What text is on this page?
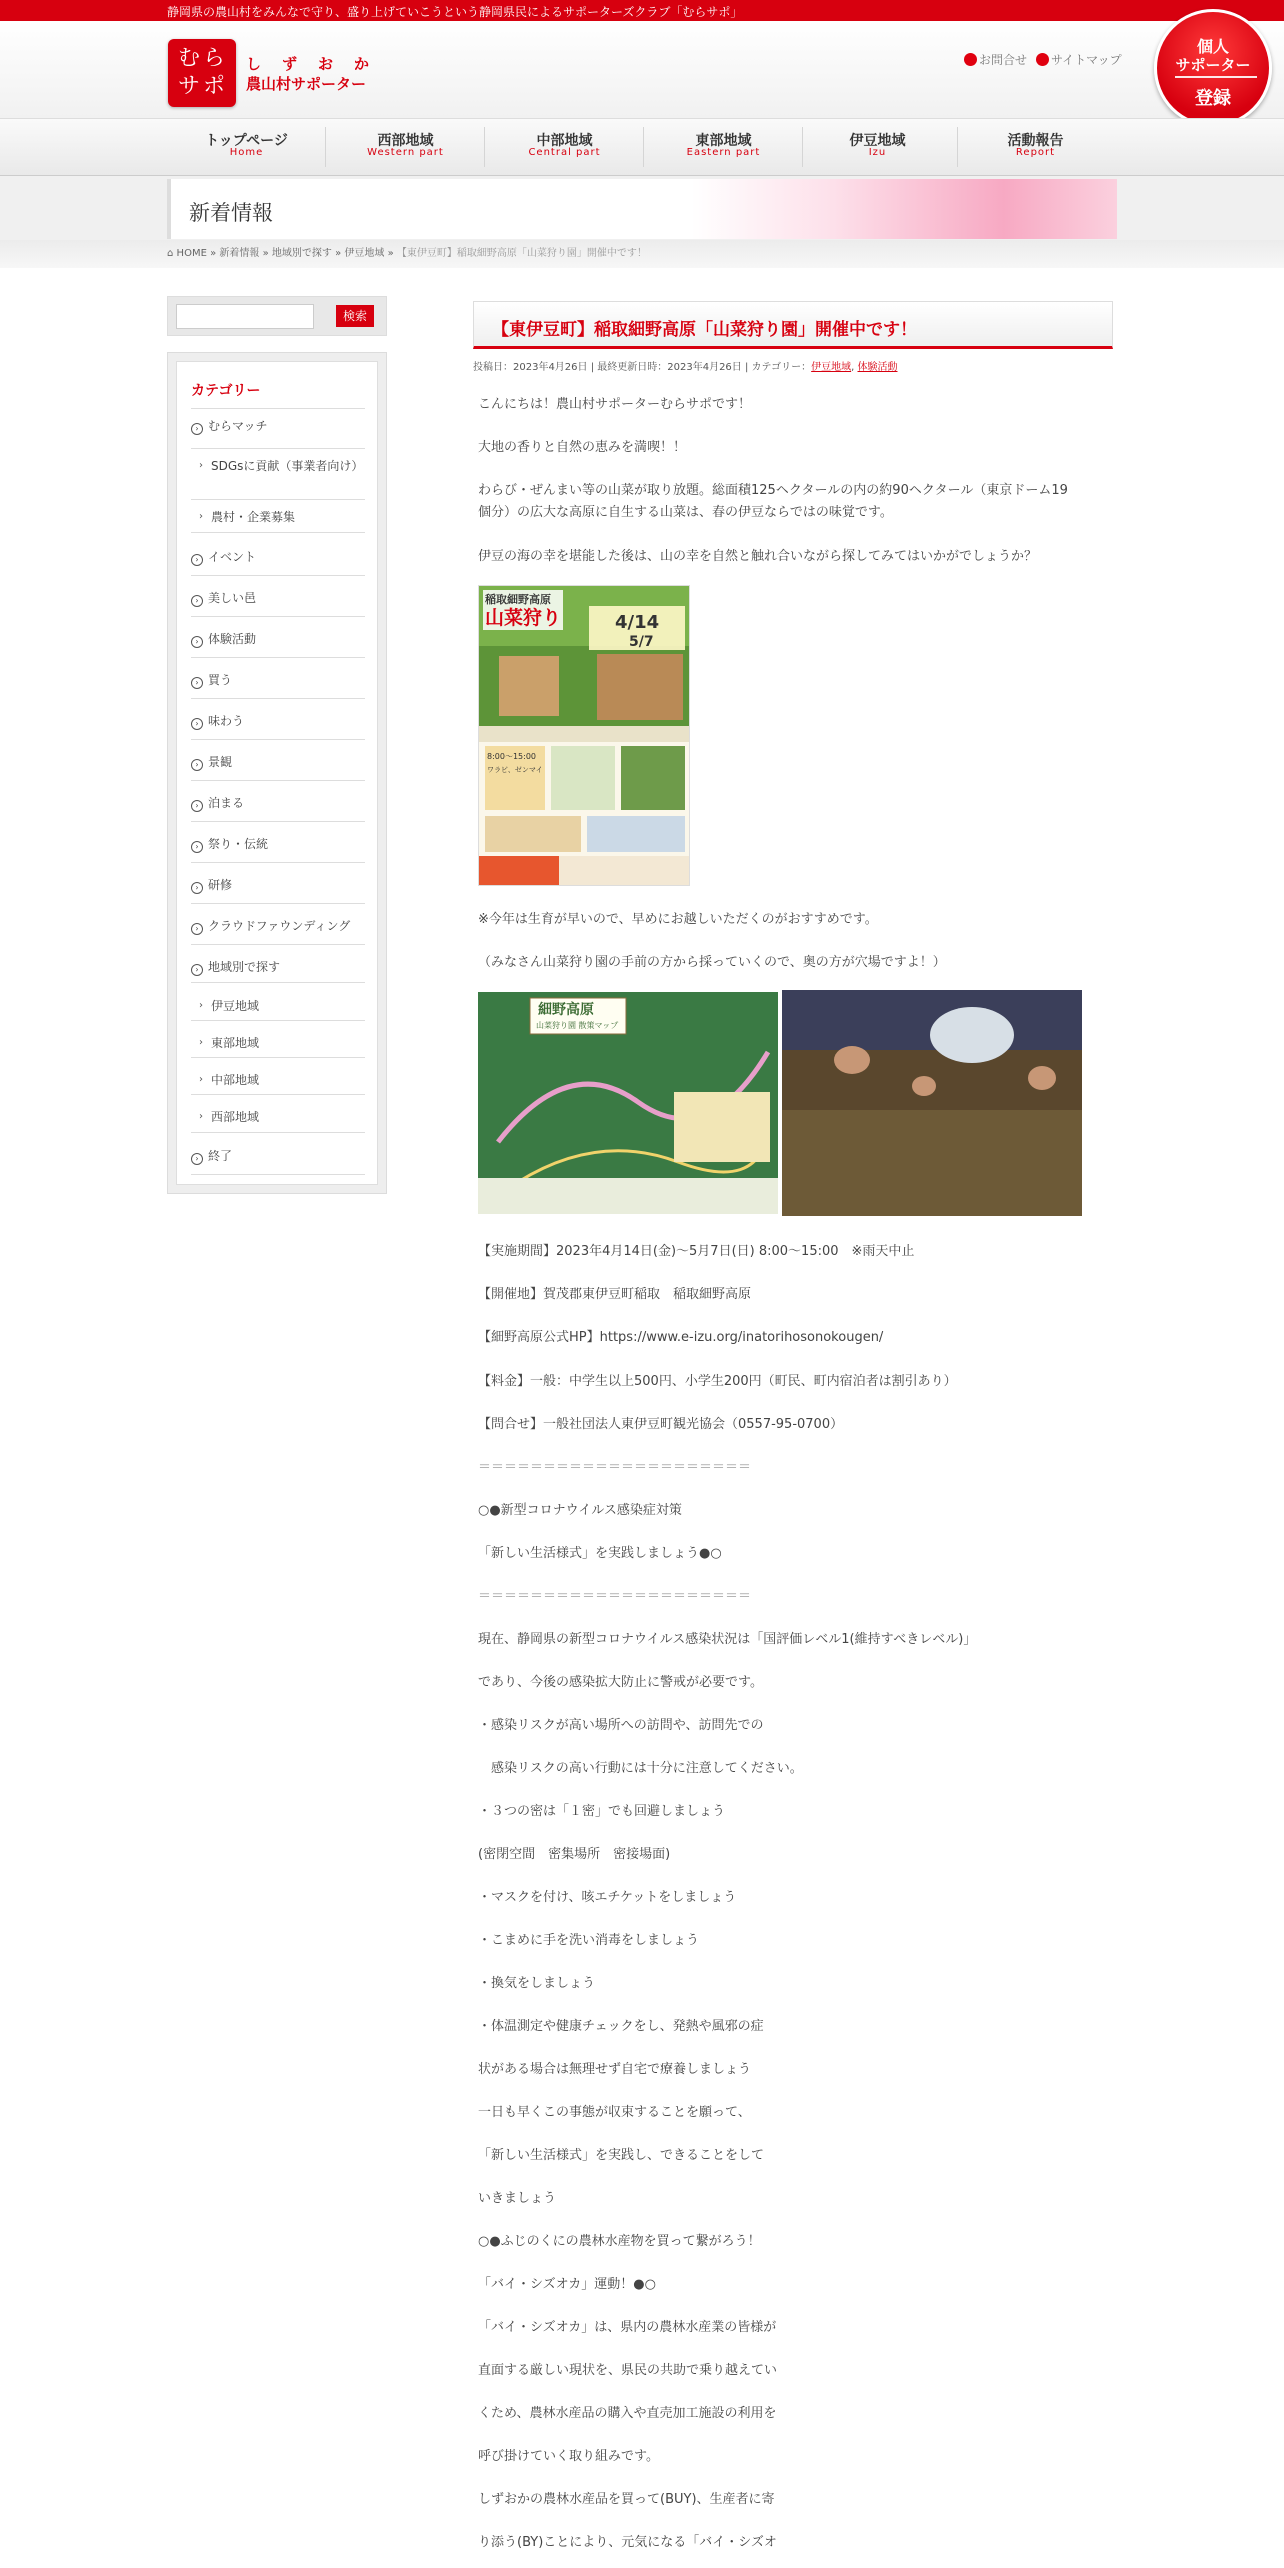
静岡県の農山村をみんなで守り、盛り上げていこうという静岡県民によるサポーターズクラブ「むらサポ」
むら
サポ
しずおか
農山村サポーター
お問合せ サイトマップ
個人
サポーター
登録
トップページ
Home
西部地域
Western part
中部地域
Central part
東部地域
Eastern part
伊豆地域
Izu
活動報告
Report
新着情報
⌂ HOME » 新着情報 » 地域別で探す » 伊豆地域 » 【東伊豆町】稲取細野高原「山菜狩り園」開催中です！
検索
カテゴリー
› むらマッチ
› SDGsに貢献（事業者向け）
› 農村・企業募集
› イベント
› 美しい邑
› 体験活動
› 買う
› 味わう
› 景観
› 泊まる
› 祭り・伝統
› 研修
› クラウドファウンディング
› 地域別で探す
› 伊豆地域
› 東部地域
› 中部地域
› 西部地域
› 終了
【東伊豆町】稲取細野高原「山菜狩り園」開催中です！
投稿日：2023年4月26日 | 最終更新日時：2023年4月26日 | カテゴリー：伊豆地域, 体験活動
こんにちは！農山村サポーターむらサポです！
大地の香りと自然の恵みを満喫！！
わらび・ぜんまい等の山菜が取り放題。総面積125ヘクタールの内の約90ヘクタール（東京ドーム19
個分）の広大な高原に自生する山菜は、春の伊豆ならではの味覚です。
伊豆の海の幸を堪能した後は、山の幸を自然と触れ合いながら探してみてはいかがでしょうか？
稲取細野高原
山菜狩り	4/14
5/7
8:00～15:00
ワラビ、ゼンマイ
※今年は生育が早いので、早めにお越しいただくのがおすすめです。
（みなさん山菜狩り園の手前の方から採っていくので、奥の方が穴場ですよ！）
細野高原
山菜狩り園 散策マップ
【実施期間】2023年4月14日(金)～5月7日(日) 8:00～15:00　※雨天中止
【開催地】賀茂郡東伊豆町稲取　稲取細野高原
【細野高原公式HP】https://www.e-izu.org/inatorihosonokougen/
【料金】一般：中学生以上500円、小学生200円（町民、町内宿泊者は割引あり）
【問合せ】一般社団法人東伊豆町観光協会（0557-95-0700）
＝＝＝＝＝＝＝＝＝＝＝＝＝＝＝＝＝＝＝＝＝
○●新型コロナウイルス感染症対策
「新しい生活様式」を実践しましょう●○
＝＝＝＝＝＝＝＝＝＝＝＝＝＝＝＝＝＝＝＝＝
現在、静岡県の新型コロナウイルス感染状況は「国評価レベル1(維持すべきレベル)」
であり、今後の感染拡大防止に警戒が必要です。
・感染リスクが高い場所への訪問や、訪問先での
　感染リスクの高い行動には十分に注意してください。
・３つの密は「１密」でも回避しましょう
(密閉空間　密集場所　密接場面)
・マスクを付け、咳エチケットをしましょう
・こまめに手を洗い消毒をしましょう
・換気をしましょう
・体温測定や健康チェックをし、発熱や風邪の症
状がある場合は無理せず自宅で療養しましょう
一日も早くこの事態が収束することを願って、
「新しい生活様式」を実践し、できることをして
いきましょう
○●ふじのくにの農林水産物を買って繋がろう！
「バイ・シズオカ」運動！●○
「バイ・シズオカ」は、県内の農林水産業の皆様が
直面する厳しい現状を、県民の共助で乗り越えてい
くため、農林水産品の購入や直売加工施設の利用を
呼び掛けていく取り組みです。
しずおかの農林水産品を買って(BUY)、生産者に寄
り添う(BY)ことにより、元気になる「バイ・シズオ
